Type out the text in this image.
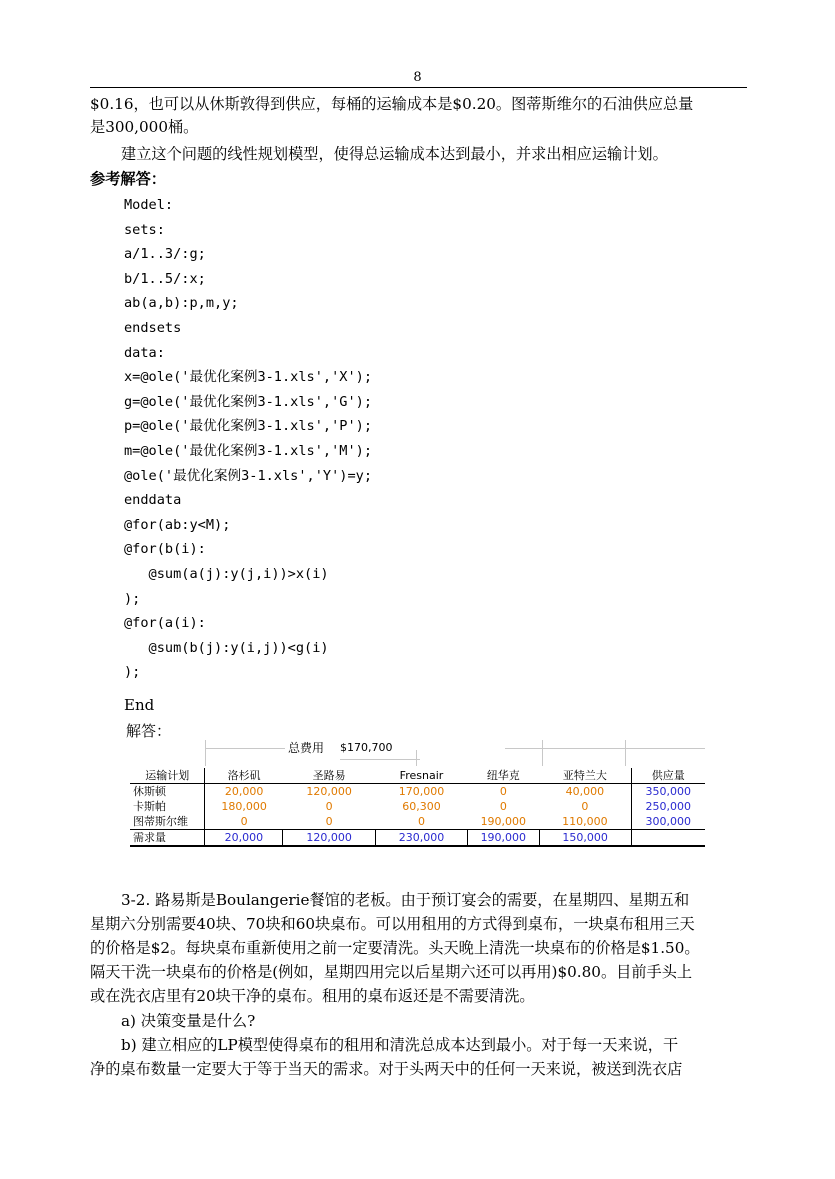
8
$0.16，也可以从休斯敦得到供应，每桶的运输成本是$0.20。图蒂斯维尔的石油供应总量
是300,000桶。
建立这个问题的线性规划模型，使得总运输成本达到最小，并求出相应运输计划。
参考解答：
Model:
sets:
a/1..3/:g;
b/1..5/:x;
ab(a,b):p,m,y;
endsets
data:
x=@ole('最优化案例3-1.xls','X');
g=@ole('最优化案例3-1.xls','G');
p=@ole('最优化案例3-1.xls','P');
m=@ole('最优化案例3-1.xls','M');
@ole('最优化案例3-1.xls','Y')=y;
enddata
@for(ab:y<M);
@for(b(i):
@sum(a(j):y(j,i))>x(i)
);
@for(a(i):
@sum(b(j):y(i,j))<g(i)
);
End
解答：
总费用 $170,700
运输计划	洛杉矶	圣路易	Fresnair	纽华克	亚特兰大	供应量
休斯顿	20,000	120,000	170,000	0	40,000	350,000
卡斯帕	180,000	0	60,300	0	0	250,000
图蒂斯尔维	0	0	0	190,000	110,000	300,000
需求量	20,000	120,000	230,000	190,000	150,000	
3-2. 路易斯是Boulangerie餐馆的老板。由于预订宴会的需要，在星期四、星期五和
星期六分别需要40块、70块和60块桌布。可以用租用的方式得到桌布，一块桌布租用三天
的价格是$2。每块桌布重新使用之前一定要清洗。头天晚上清洗一块桌布的价格是$1.50。
隔天干洗一块桌布的价格是(例如，星期四用完以后星期六还可以再用)$0.80。目前手头上
或在洗衣店里有20块干净的桌布。租用的桌布返还是不需要清洗。
a) 决策变量是什么?
b) 建立相应的LP模型使得桌布的租用和清洗总成本达到最小。对于每一天来说，干
净的桌布数量一定要大于等于当天的需求。对于头两天中的任何一天来说，被送到洗衣店
